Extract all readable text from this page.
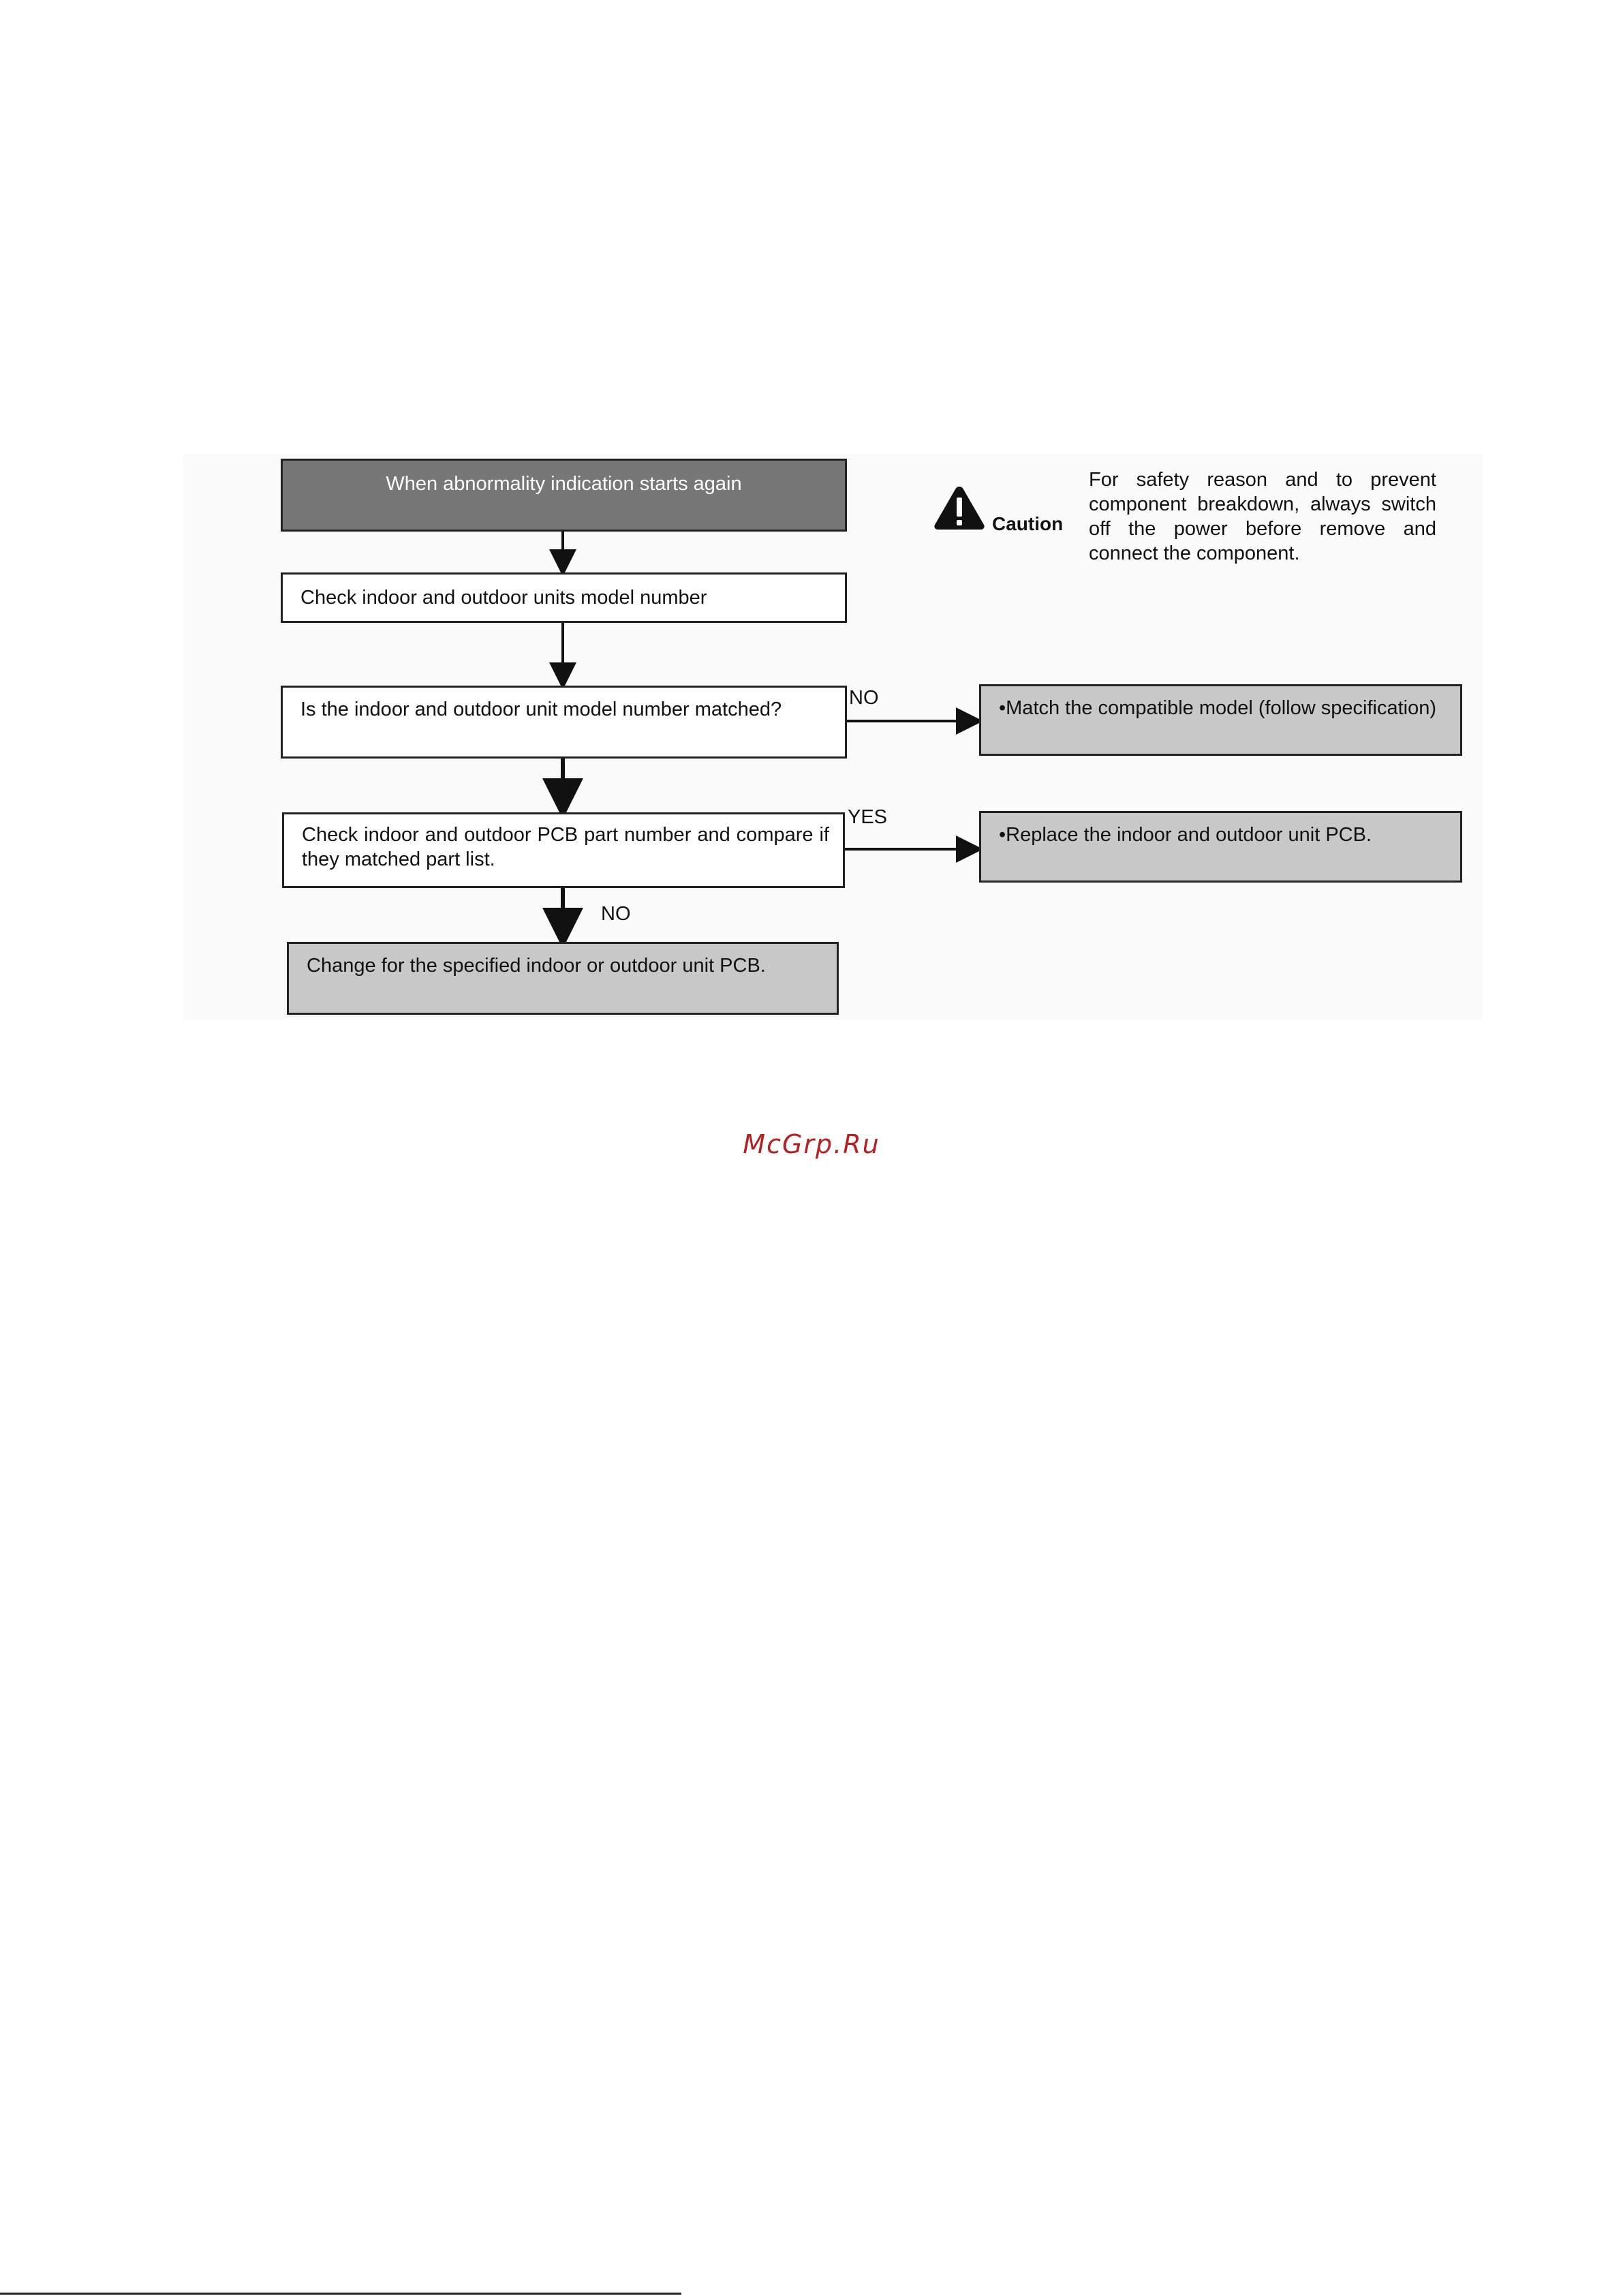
When abnormality indication starts again
Check indoor and outdoor units model number
Is the indoor and outdoor unit model number matched?
Check indoor and outdoor PCB part number and compare if they matched part list.
Change for the specified indoor or outdoor unit PCB.
•Match the compatible model (follow specification)
•Replace the indoor and outdoor unit PCB.
NO
YES
NO
Caution
For safety reason and to prevent component breakdown, always switch off the power before remove and connect the component.
McGrp.Ru
